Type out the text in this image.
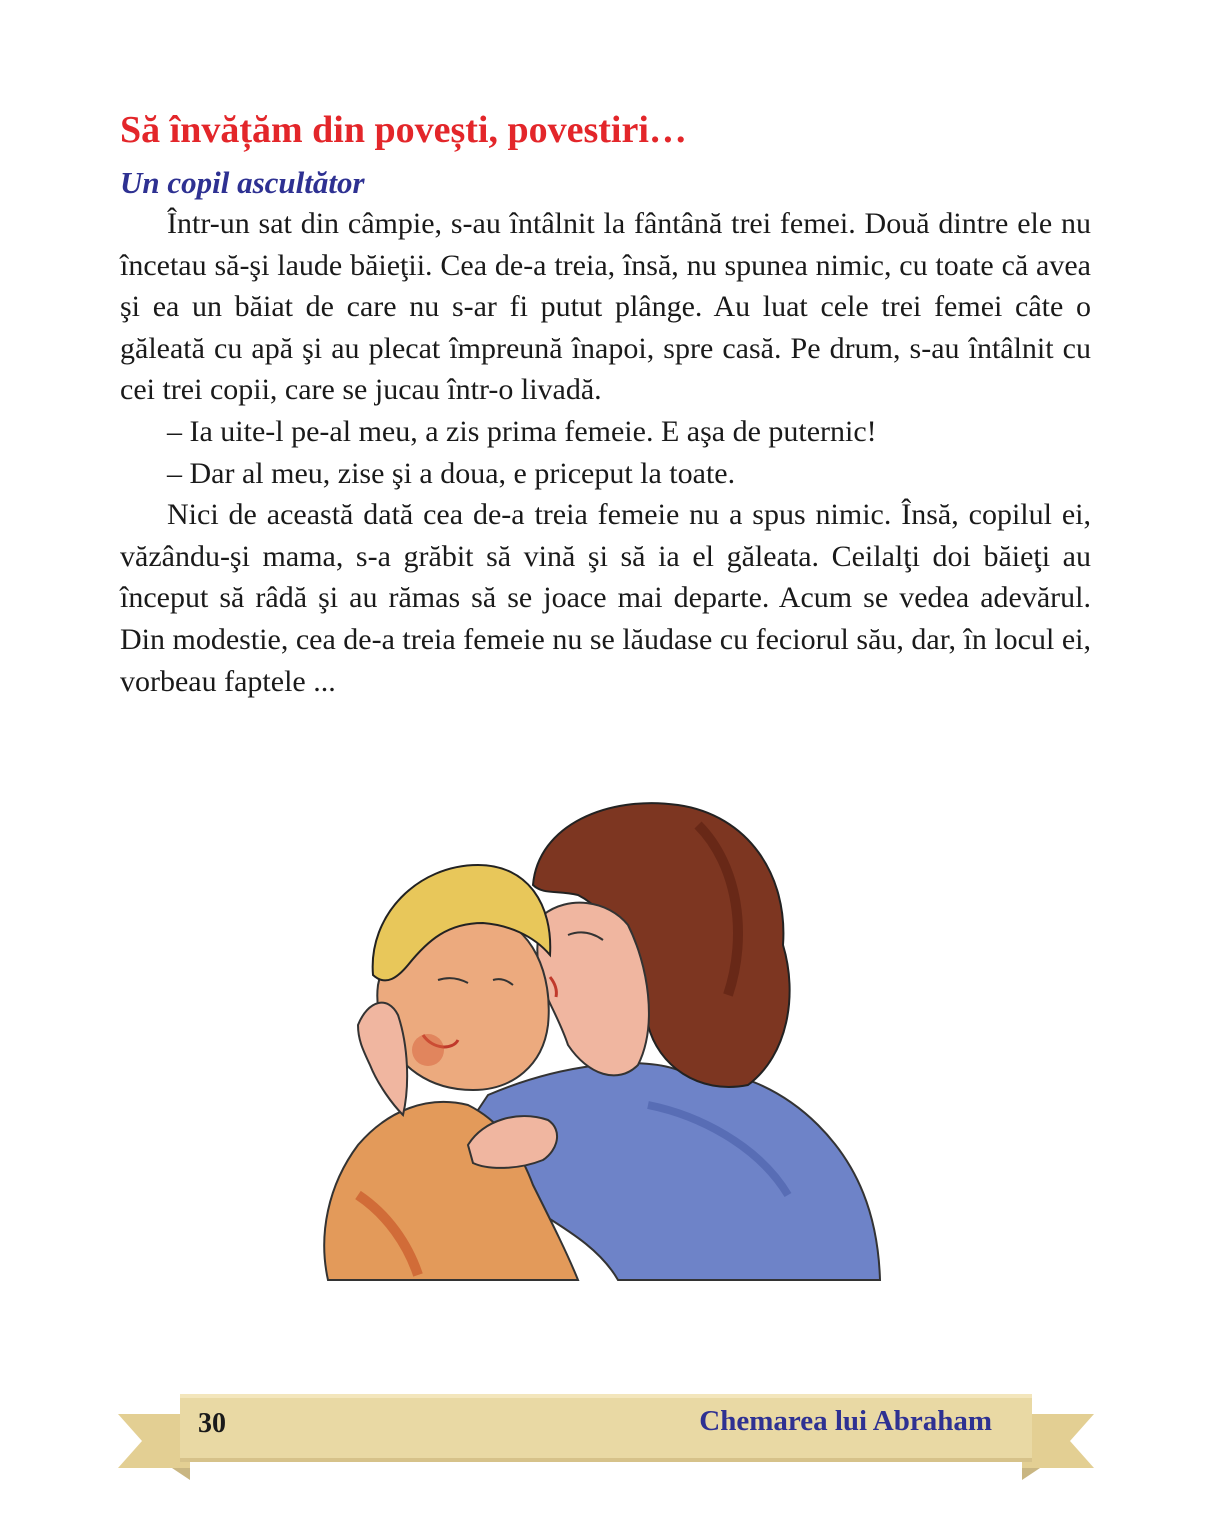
Să învățăm din povești, povestiri…
Un copil ascultător

Într-un sat din câmpie, s-au întâlnit la fântână trei femei. Două dintre ele nu încetau să-şi laude băieţii. Cea de-a treia, însă, nu spunea nimic, cu toate că avea şi ea un băiat de care nu s-ar fi putut plânge. Au luat cele trei femei câte o găleată cu apă şi au plecat împreună înapoi, spre casă. Pe drum, s-au întâlnit cu cei trei copii, care se jucau într-o livadă.

– Ia uite-l pe-al meu, a zis prima femeie. E aşa de puternic!

– Dar al meu, zise şi a doua, e priceput la toate.

Nici de această dată cea de-a treia femeie nu a spus nimic. Însă, copilul ei, văzându-şi mama, s-a grăbit să vină şi să ia el găleata. Ceilalţi doi băieţi au început să râdă şi au rămas să se joace mai departe. Acum se vedea adevărul. Din modestie, cea de-a treia femeie nu se lăudase cu feciorul său, dar, în locul ei, vorbeau faptele ...

30	Chemarea lui Abraham
